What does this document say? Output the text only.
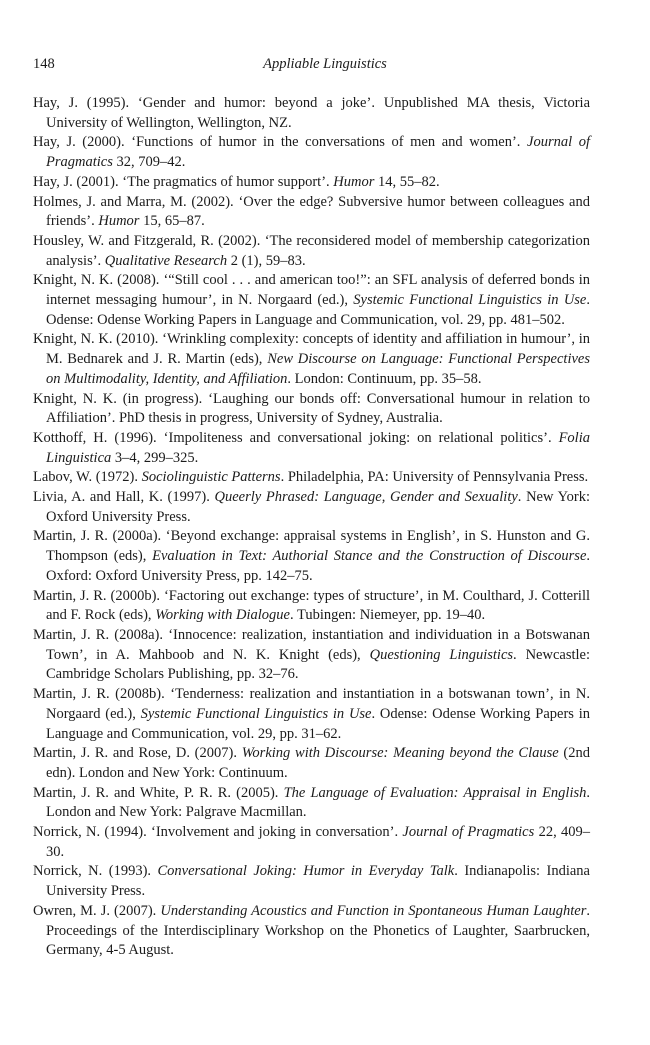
148	Appliable Linguistics
Hay, J. (1995). ‘Gender and humor: beyond a joke’. Unpublished MA thesis, Victoria University of Wellington, Wellington, NZ.
Hay, J. (2000). ‘Functions of humor in the conversations of men and women’. Journal of Pragmatics 32, 709–42.
Hay, J. (2001). ‘The pragmatics of humor support’. Humor 14, 55–82.
Holmes, J. and Marra, M. (2002). ‘Over the edge? Subversive humor between colleagues and friends’. Humor 15, 65–87.
Housley, W. and Fitzgerald, R. (2002). ‘The reconsidered model of membership categorization analysis’. Qualitative Research 2 (1), 59–83.
Knight, N. K. (2008). ‘“Still cool . . . and american too!”: an SFL analysis of deferred bonds in internet messaging humour’, in N. Norgaard (ed.), Systemic Functional Linguistics in Use. Odense: Odense Working Papers in Language and Communication, vol. 29, pp. 481–502.
Knight, N. K. (2010). ‘Wrinkling complexity: concepts of identity and affiliation in humour’, in M. Bednarek and J. R. Martin (eds), New Discourse on Language: Functional Perspectives on Multimodality, Identity, and Affiliation. London: Continuum, pp. 35–58.
Knight, N. K. (in progress). ‘Laughing our bonds off: Conversational humour in relation to Affiliation’. PhD thesis in progress, University of Sydney, Australia.
Kotthoff, H. (1996). ‘Impoliteness and conversational joking: on relational politics’. Folia Linguistica 3–4, 299–325.
Labov, W. (1972). Sociolinguistic Patterns. Philadelphia, PA: University of Pennsylvania Press.
Livia, A. and Hall, K. (1997). Queerly Phrased: Language, Gender and Sexuality. New York: Oxford University Press.
Martin, J. R. (2000a). ‘Beyond exchange: appraisal systems in English’, in S. Hunston and G. Thompson (eds), Evaluation in Text: Authorial Stance and the Construction of Discourse. Oxford: Oxford University Press, pp. 142–75.
Martin, J. R. (2000b). ‘Factoring out exchange: types of structure’, in M. Coulthard, J. Cotterill and F. Rock (eds), Working with Dialogue. Tubingen: Niemeyer, pp. 19–40.
Martin, J. R. (2008a). ‘Innocence: realization, instantiation and individuation in a Botswanan Town’, in A. Mahboob and N. K. Knight (eds), Questioning Linguistics. Newcastle: Cambridge Scholars Publishing, pp. 32–76.
Martin, J. R. (2008b). ‘Tenderness: realization and instantiation in a botswanan town’, in N. Norgaard (ed.), Systemic Functional Linguistics in Use. Odense: Odense Working Papers in Language and Communication, vol. 29, pp. 31–62.
Martin, J. R. and Rose, D. (2007). Working with Discourse: Meaning beyond the Clause (2nd edn). London and New York: Continuum.
Martin, J. R. and White, P. R. R. (2005). The Language of Evaluation: Appraisal in English. London and New York: Palgrave Macmillan.
Norrick, N. (1994). ‘Involvement and joking in conversation’. Journal of Pragmatics 22, 409–30.
Norrick, N. (1993). Conversational Joking: Humor in Everyday Talk. Indianapolis: Indiana University Press.
Owren, M. J. (2007). Understanding Acoustics and Function in Spontaneous Human Laughter. Proceedings of the Interdisciplinary Workshop on the Phonetics of Laughter, Saarbrucken, Germany, 4-5 August.
